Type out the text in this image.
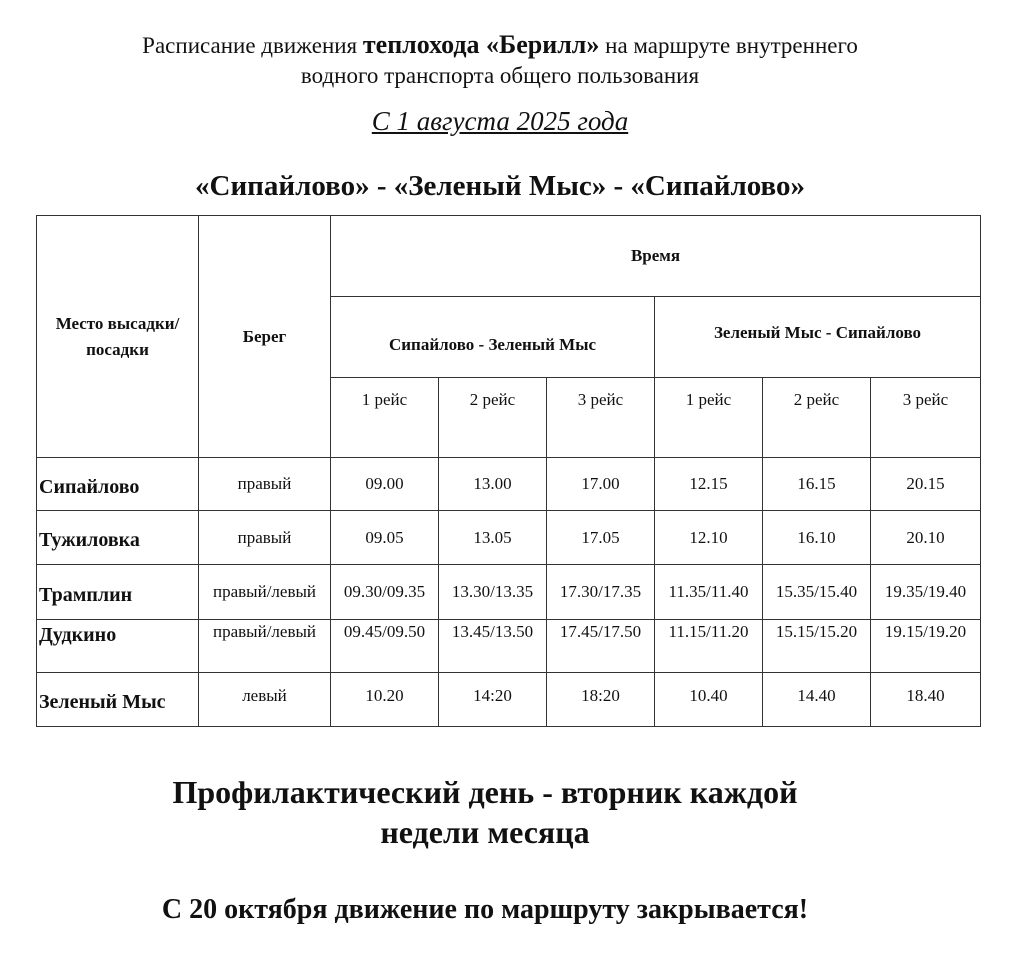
Расписание движения теплохода «Берилл» на маршруте внутреннего
водного транспорта общего пользования
С 1 августа 2025 года
«Сипайлово» - «Зеленый Мыс» - «Сипайлово»
Место высадки/посадки	Берег	Время					
		Сипайлово - Зеленый Мыс			Зеленый Мыс - Сипайлово		
		1 рейс	2 рейс	3 рейс	1 рейс	2 рейс	3 рейс
Сипайлово	правый	09.00	13.00	17.00	12.15	16.15	20.15
Тужиловка	правый	09.05	13.05	17.05	12.10	16.10	20.10
Трамплин	правый/левый	09.30/09.35	13.30/13.35	17.30/17.35	11.35/11.40	15.35/15.40	19.35/19.40
Дудкино	правый/левый	09.45/09.50	13.45/13.50	17.45/17.50	11.15/11.20	15.15/15.20	19.15/19.20
Зеленый Мыс	левый	10.20	14:20	18:20	10.40	14.40	18.40
Профилактический день - вторник каждой
недели месяца
С 20 октября движение по маршруту закрывается!
